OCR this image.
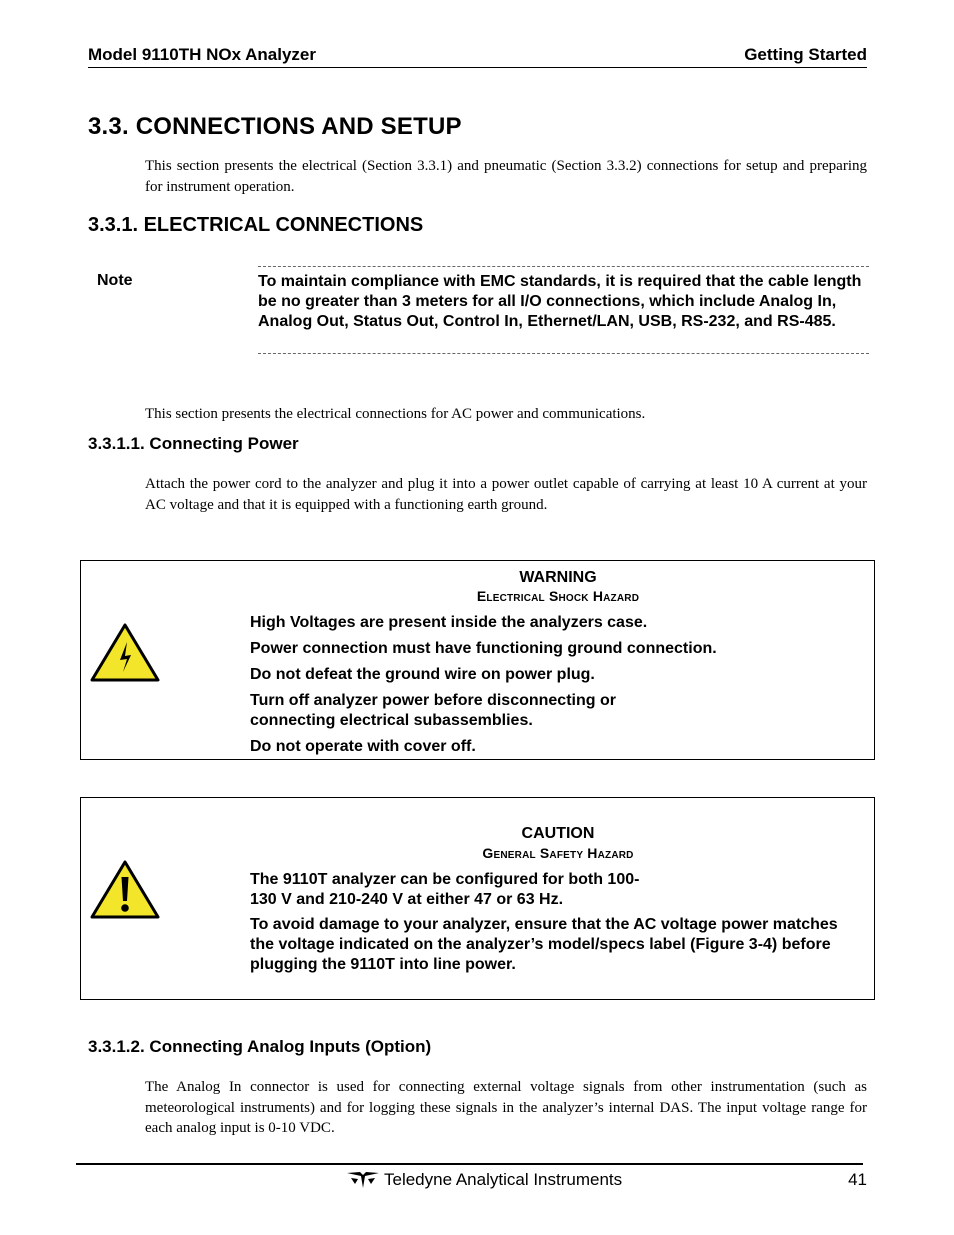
Model 9110TH NOx Analyzer	Getting Started
3.3. CONNECTIONS AND SETUP

This section presents the electrical (Section 3.3.1) and pneumatic (Section 3.3.2) connections for setup and preparing for instrument operation.

3.3.1. ELECTRICAL CONNECTIONS
Note	To maintain compliance with EMC standards, it is required that the cable length be no greater than 3 meters for all I/O connections, which include Analog In, Analog Out, Status Out, Control In, Ethernet/LAN, USB, RS-232, and RS-485.

This section presents the electrical connections for AC power and communications.

3.3.1.1. Connecting Power

Attach the power cord to the analyzer and plug it into a power outlet capable of carrying at least 10 A current at your AC voltage and that it is equipped with a functioning earth ground.

WARNING
Electrical Shock Hazard
High Voltages are present inside the analyzers case.
Power connection must have functioning ground connection.
Do not defeat the ground wire on power plug.
Turn off analyzer power before disconnecting or connecting electrical subassemblies.
Do not operate with cover off.
CAUTION
General Safety Hazard
The 9110T analyzer can be configured for both 100-130 V and 210-240 V at either 47 or 63 Hz.
To avoid damage to your analyzer, ensure that the AC voltage power matches the voltage indicated on the analyzer’s model/specs label (Figure 3-4) before plugging the 9110T into line power.
3.3.1.2. Connecting Analog Inputs (Option)

The Analog In connector is used for connecting external voltage signals from other instrumentation (such as meteorological instruments) and for logging these signals in the analyzer’s internal DAS. The input voltage range for each analog input is 0-10 VDC.

Teledyne Analytical Instruments	41
